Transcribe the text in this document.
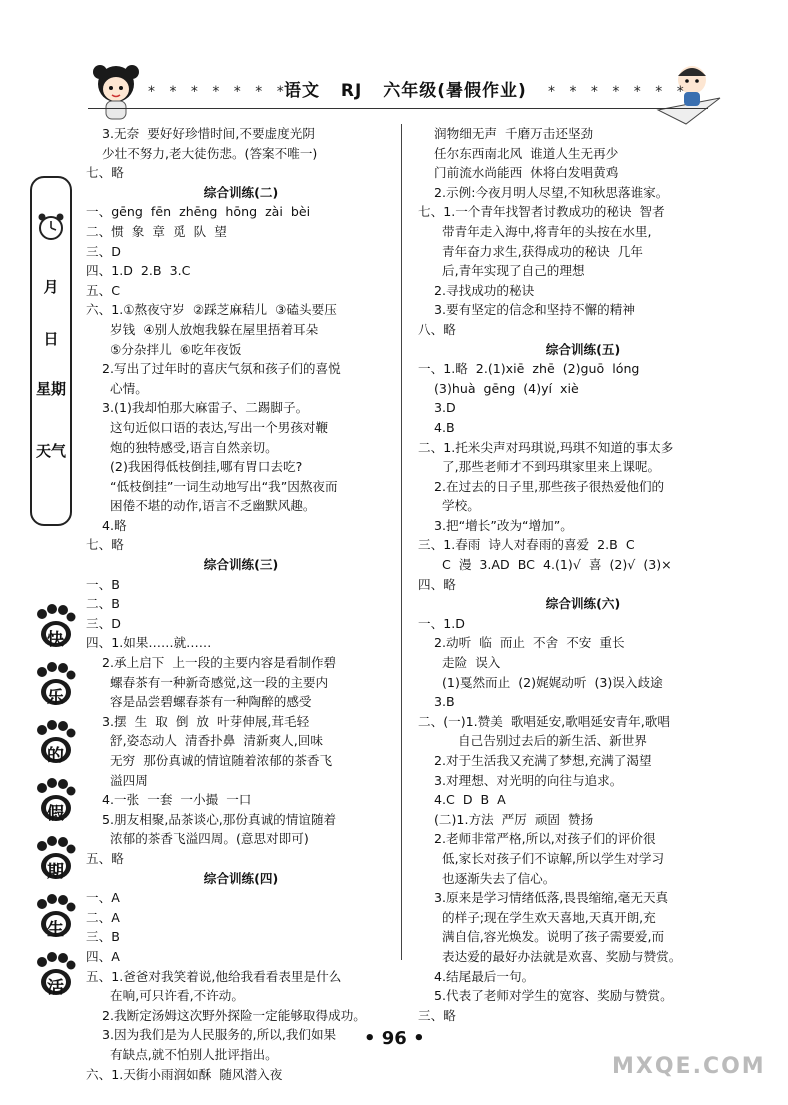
* * * * * * *	* * * * * * *
语文 RJ 六年级(暑假作业)
月
日
星期
天气
快
乐
的
假
期
生
活
3.无奈  要好好珍惜时间,不要虚度光阴
少壮不努力,老大徒伤悲。(答案不唯一)
七、略
综合训练(二)
一、gēng  fēn  zhēng  hōng  zài  bèi
二、惯  象  章  觅  队  望
三、D
四、1.D  2.B  3.C
五、C
六、1.①熬夜守岁  ②踩芝麻秸儿  ③磕头要压
岁钱  ④别人放炮我躲在屋里捂着耳朵
⑤分杂拌儿  ⑥吃年夜饭
2.写出了过年时的喜庆气氛和孩子们的喜悦
心情。
3.(1)我却怕那大麻雷子、二踢脚子。
这句近似口语的表达,写出一个男孩对鞭
炮的独特感受,语言自然亲切。
(2)我困得低枝倒挂,哪有胃口去吃?
“低枝倒挂”一词生动地写出“我”因熬夜而
困倦不堪的动作,语言不乏幽默风趣。
4.略
七、略
综合训练(三)
一、B
二、B
三、D
四、1.如果……就……
2.承上启下  上一段的主要内容是看制作碧
螺春茶有一种新奇感觉,这一段的主要内
容是品尝碧螺春茶有一种陶醉的感受
3.摆  生  取  倒  放  叶芽伸展,茸毛轻
舒,姿态动人  清香扑鼻  清新爽人,回味
无穷  那份真诚的情谊随着浓郁的茶香飞
溢四周
4.一张  一套  一小撮  一口
5.朋友相聚,品茶谈心,那份真诚的情谊随着
浓郁的茶香飞溢四周。(意思对即可)
五、略
综合训练(四)
一、A
二、A
三、B
四、A
五、1.爸爸对我笑着说,他给我看看表里是什么
在响,可只许看,不许动。
2.我断定汤姆这次野外探险一定能够取得成功。
3.因为我们是为人民服务的,所以,我们如果
有缺点,就不怕别人批评指出。
六、1.天街小雨润如酥  随风潜入夜
润物细无声  千磨万击还坚劲
任尔东西南北风  谁道人生无再少
门前流水尚能西  休将白发唱黄鸡
2.示例:今夜月明人尽望,不知秋思落谁家。
七、1.一个青年找智者讨教成功的秘诀  智者
带青年走入海中,将青年的头按在水里,
青年奋力求生,获得成功的秘诀  几年
后,青年实现了自己的理想
2.寻找成功的秘诀
3.要有坚定的信念和坚持不懈的精神
八、略
综合训练(五)
一、1.略  2.(1)xiē  zhē  (2)guō  lóng
(3)huà  gēng  (4)yí  xiè
3.D
4.B
二、1.托米尖声对玛琪说,玛琪不知道的事太多
了,那些老师才不到玛琪家里来上课呢。
2.在过去的日子里,那些孩子很热爱他们的
学校。
3.把“增长”改为“增加”。
三、1.春雨  诗人对春雨的喜爱  2.B  C
C  漫  3.AD  BC  4.(1)√  喜  (2)√  (3)×
四、略
综合训练(六)
一、1.D
2.动听  临  而止  不舍  不安  重长
走险  误入
(1)戛然而止  (2)娓娓动听  (3)误入歧途
3.B
二、(一)1.赞美  歌唱延安,歌唱延安青年,歌唱
自己告别过去后的新生活、新世界
2.对于生活我又充满了梦想,充满了渴望
3.对理想、对光明的向往与追求。
4.C  D  B  A
(二)1.方法  严厉  顽固  赞扬
2.老师非常严格,所以,对孩子们的评价很
低,家长对孩子们不谅解,所以学生对学习
也逐渐失去了信心。
3.原来是学习情绪低落,畏畏缩缩,毫无天真
的样子;现在学生欢天喜地,天真开朗,充
满自信,容光焕发。说明了孩子需要爱,而
表达爱的最好办法就是欢喜、奖励与赞赏。
4.结尾最后一句。
5.代表了老师对学生的宽容、奖励与赞赏。
三、略
• 96 •
MXQE.COM
